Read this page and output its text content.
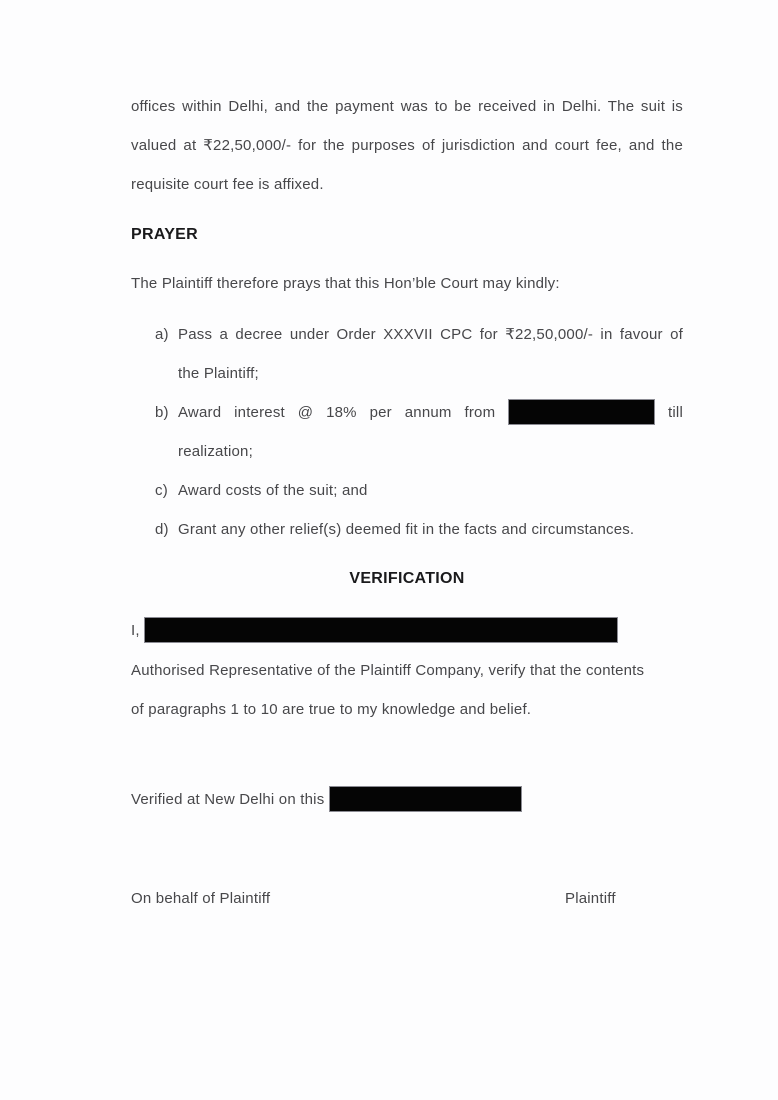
offices within Delhi, and the payment was to be received in Delhi. The suit is
valued at ₹22,50,000/- for the purposes of jurisdiction and court fee, and the
requisite court fee is affixed.
PRAYER
The Plaintiff therefore prays that this Hon’ble Court may kindly:
a) Pass a decree under Order XXXVII CPC for ₹22,50,000/- in favour of
the Plaintiff;
b) Award interest @ 18% per annum from	till
realization;
c) Award costs of the suit; and
d) Grant any other relief(s) deemed fit in the facts and circumstances.
VERIFICATION
I,
Authorised Representative of the Plaintiff Company, verify that the contents
of paragraphs 1 to 10 are true to my knowledge and belief.
Verified at New Delhi on this
On behalf of Plaintiff	Plaintiff
